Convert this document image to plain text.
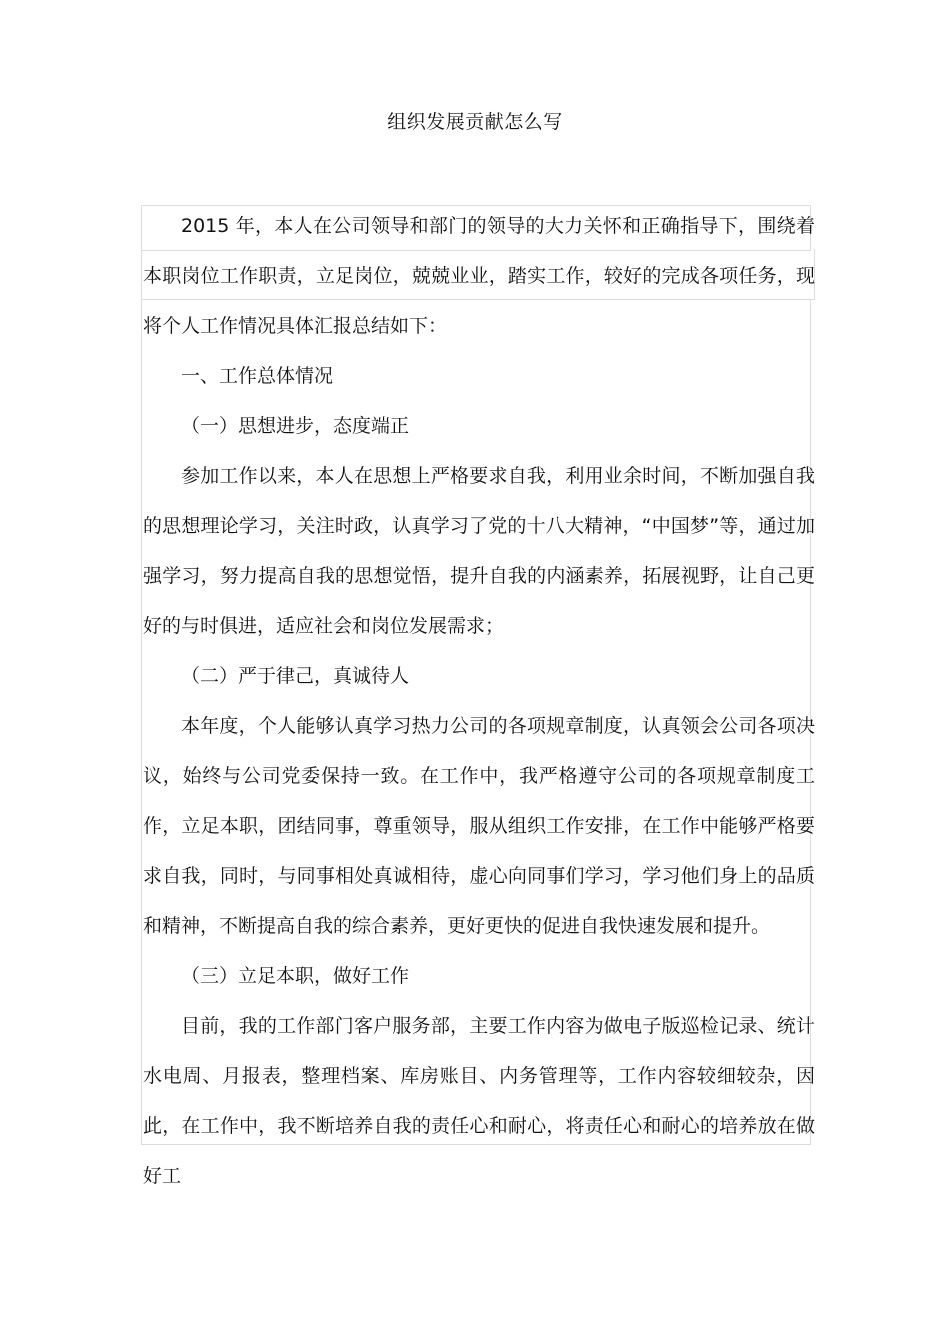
组织发展贡献怎么写

2015 年，本人在公司领导和部门的领导的大力关怀和正确指导下，围绕着本职岗位工作职责，立足岗位，兢兢业业，踏实工作，较好的完成各项任务，现将个人工作情况具体汇报总结如下：

一、工作总体情况

（一）思想进步，态度端正

参加工作以来，本人在思想上严格要求自我，利用业余时间，不断加强自我的思想理论学习，关注时政，认真学习了党的十八大精神，“中国梦”等，通过加强学习，努力提高自我的思想觉悟，提升自我的内涵素养，拓展视野，让自己更好的与时俱进，适应社会和岗位发展需求；

（二）严于律己，真诚待人

本年度，个人能够认真学习热力公司的各项规章制度，认真领会公司各项决议，始终与公司党委保持一致。在工作中，我严格遵守公司的各项规章制度工作，立足本职，团结同事，尊重领导，服从组织工作安排，在工作中能够严格要求自我，同时，与同事相处真诚相待，虚心向同事们学习，学习他们身上的品质和精神，不断提高自我的综合素养，更好更快的促进自我快速发展和提升。

（三）立足本职，做好工作

目前，我的工作部门客户服务部，主要工作内容为做电子版巡检记录、统计水电周、月报表，整理档案、库房账目、内务管理等，工作内容较细较杂，因此，在工作中，我不断培养自我的责任心和耐心，将责任心和耐心的培养放在做好工
